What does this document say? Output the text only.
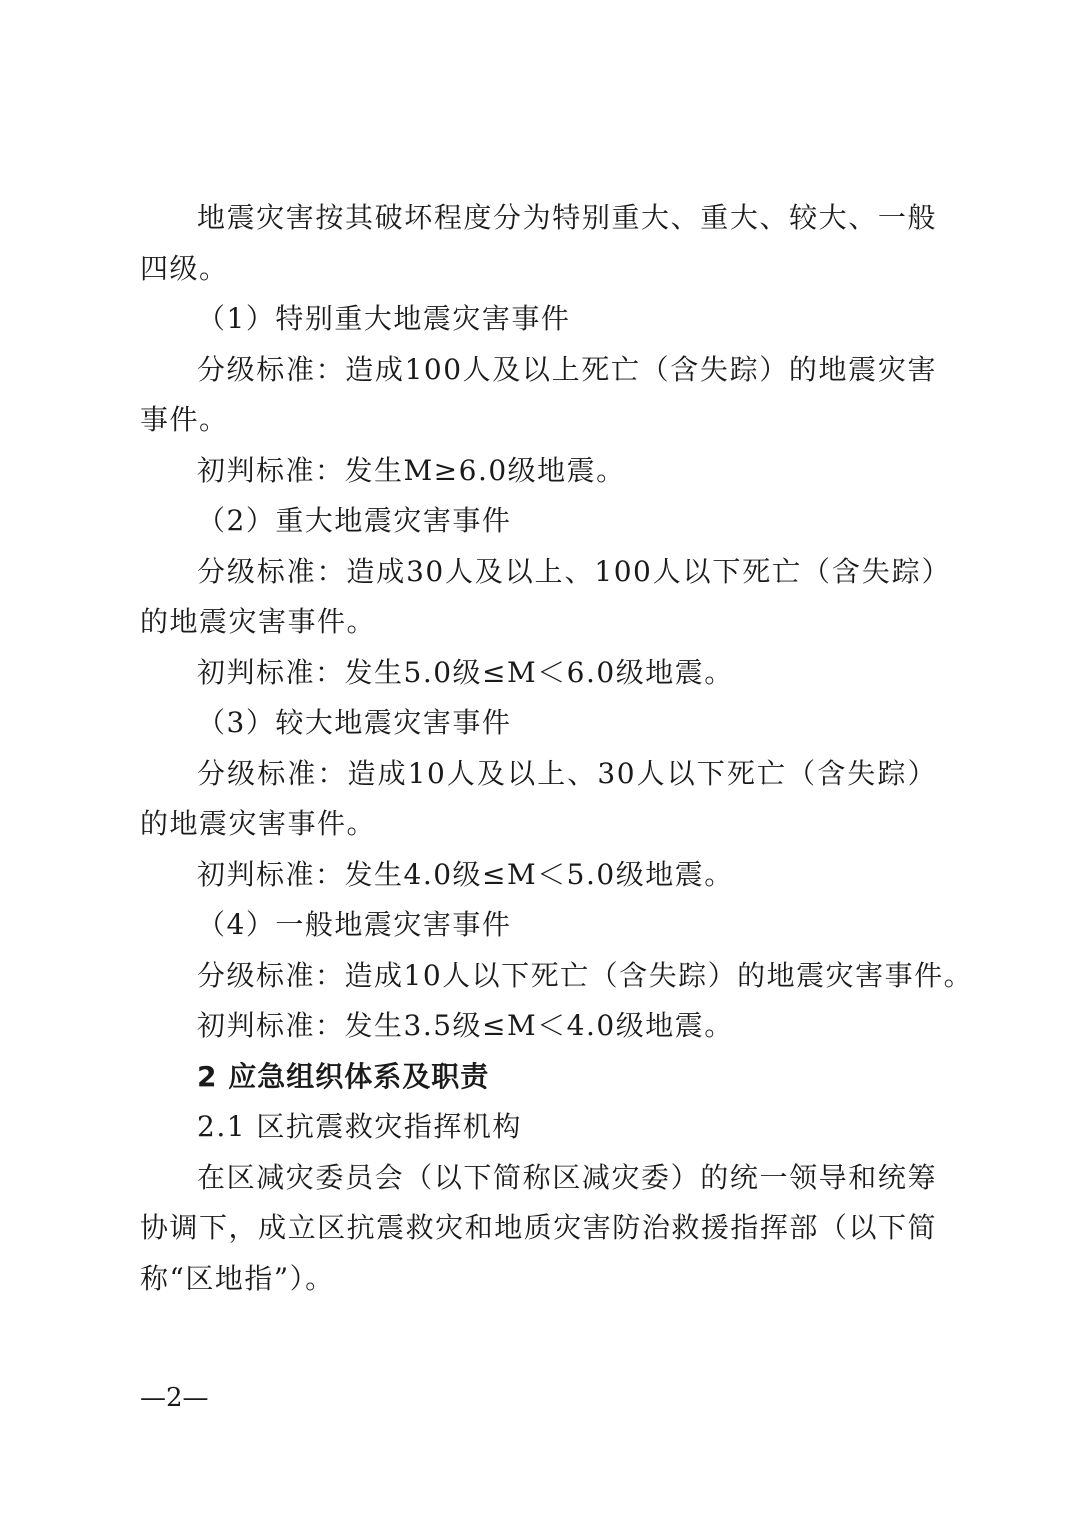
地震灾害按其破坏程度分为特别重大、重大、较大、一般四级。

（1）特别重大地震灾害事件

分级标准：造成100人及以上死亡（含失踪）的地震灾害事件。

初判标准：发生M≥6.0级地震。

（2）重大地震灾害事件

分级标准：造成30人及以上、100人以下死亡（含失踪）的地震灾害事件。

初判标准：发生5.0级≤M＜6.0级地震。

（3）较大地震灾害事件

分级标准：造成10人及以上、30人以下死亡（含失踪）的地震灾害事件。

初判标准：发生4.0级≤M＜5.0级地震。

（4）一般地震灾害事件

分级标准：造成10人以下死亡（含失踪）的地震灾害事件。

初判标准：发生3.5级≤M＜4.0级地震。

2 应急组织体系及职责

2.1 区抗震救灾指挥机构

在区减灾委员会（以下简称区减灾委）的统一领导和统筹协调下，成立区抗震救灾和地质灾害防治救援指挥部（以下简称“区地指”）。

—2—
